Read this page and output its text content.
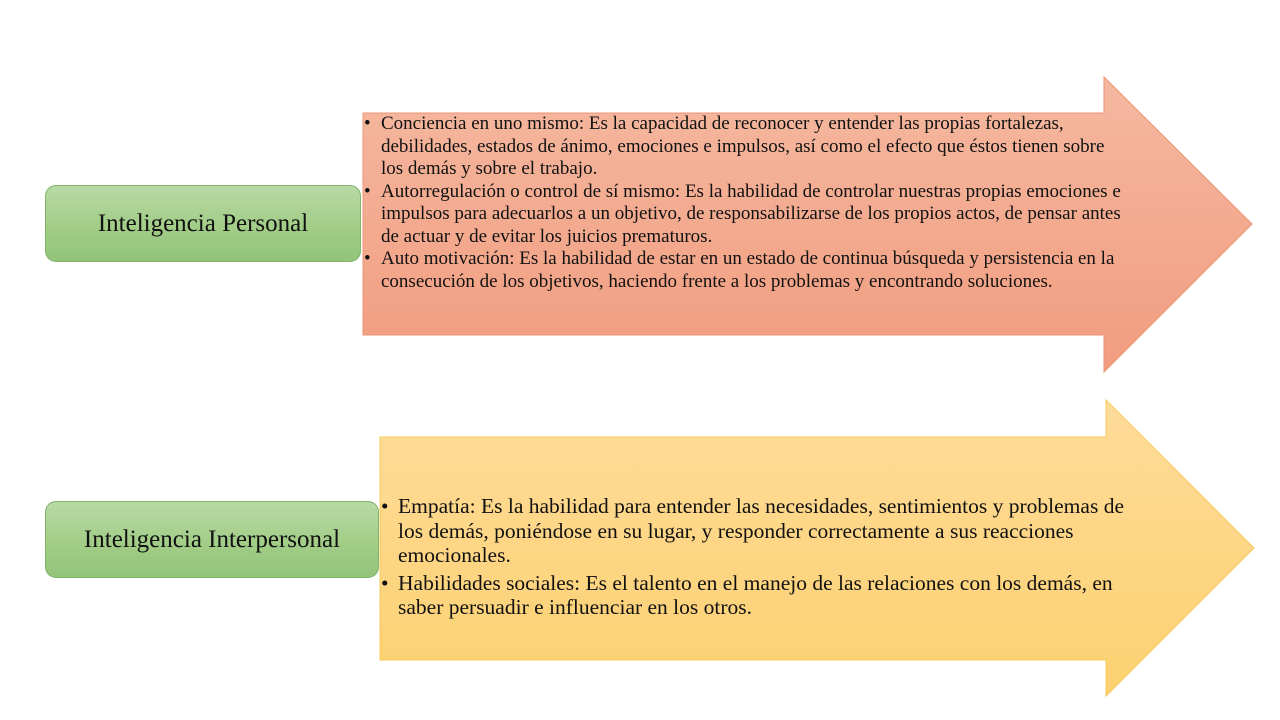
Inteligencia Personal
Inteligencia Interpersonal
• Conciencia en uno mismo: Es la capacidad de reconocer y entender las propias fortalezas, debilidades, estados de ánimo, emociones e impulsos, así como el efecto que éstos tienen sobre los demás y sobre el trabajo.
• Autorregulación o control de sí mismo: Es la habilidad de controlar nuestras propias emociones e impulsos para adecuarlos a un objetivo, de responsabilizarse de los propios actos, de pensar antes de actuar y de evitar los juicios prematuros.
• Auto motivación: Es la habilidad de estar en un estado de continua búsqueda y persistencia en la consecución de los objetivos, haciendo frente a los problemas y encontrando soluciones.
• Empatía: Es la habilidad para entender las necesidades, sentimientos y problemas de los demás, poniéndose en su lugar, y responder correctamente a sus reacciones emocionales.
• Habilidades sociales: Es el talento en el manejo de las relaciones con los demás, en saber persuadir e influenciar en los otros.
